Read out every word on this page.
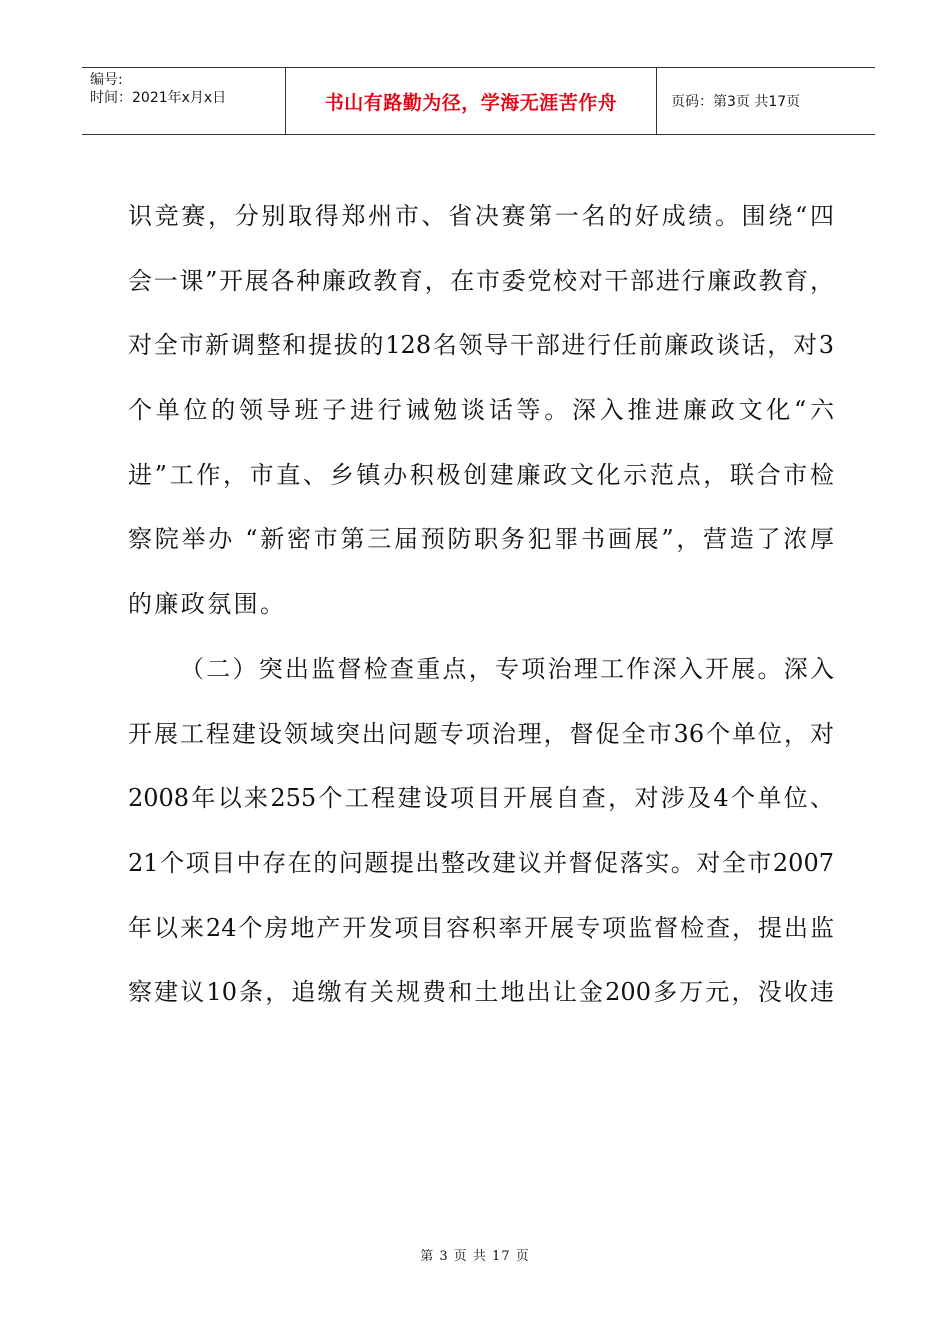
编号:
时间：2021年x月x日	书山有路勤为径，学海无涯苦作舟	页码：第3页 共17页
识竞赛，分别取得郑州市、省决赛第一名的好成绩。围绕“四
会一课”开展各种廉政教育，在市委党校对干部进行廉政教育，
对全市新调整和提拔的128名领导干部进行任前廉政谈话，对3
个单位的领导班子进行诫勉谈话等。深入推进廉政文化“六
进”工作，市直、乡镇办积极创建廉政文化示范点，联合市检
察院举办 “新密市第三届预防职务犯罪书画展”，营造了浓厚
的廉政氛围。
（二）突出监督检查重点，专项治理工作深入开展。深入
开展工程建设领域突出问题专项治理，督促全市36个单位，对
2008年以来255个工程建设项目开展自查，对涉及4个单位、
21个项目中存在的问题提出整改建议并督促落实。对全市2007
年以来24个房地产开发项目容积率开展专项监督检查，提出监
察建议10条，追缴有关规费和土地出让金200多万元，没收违
第 3 页 共 17 页
